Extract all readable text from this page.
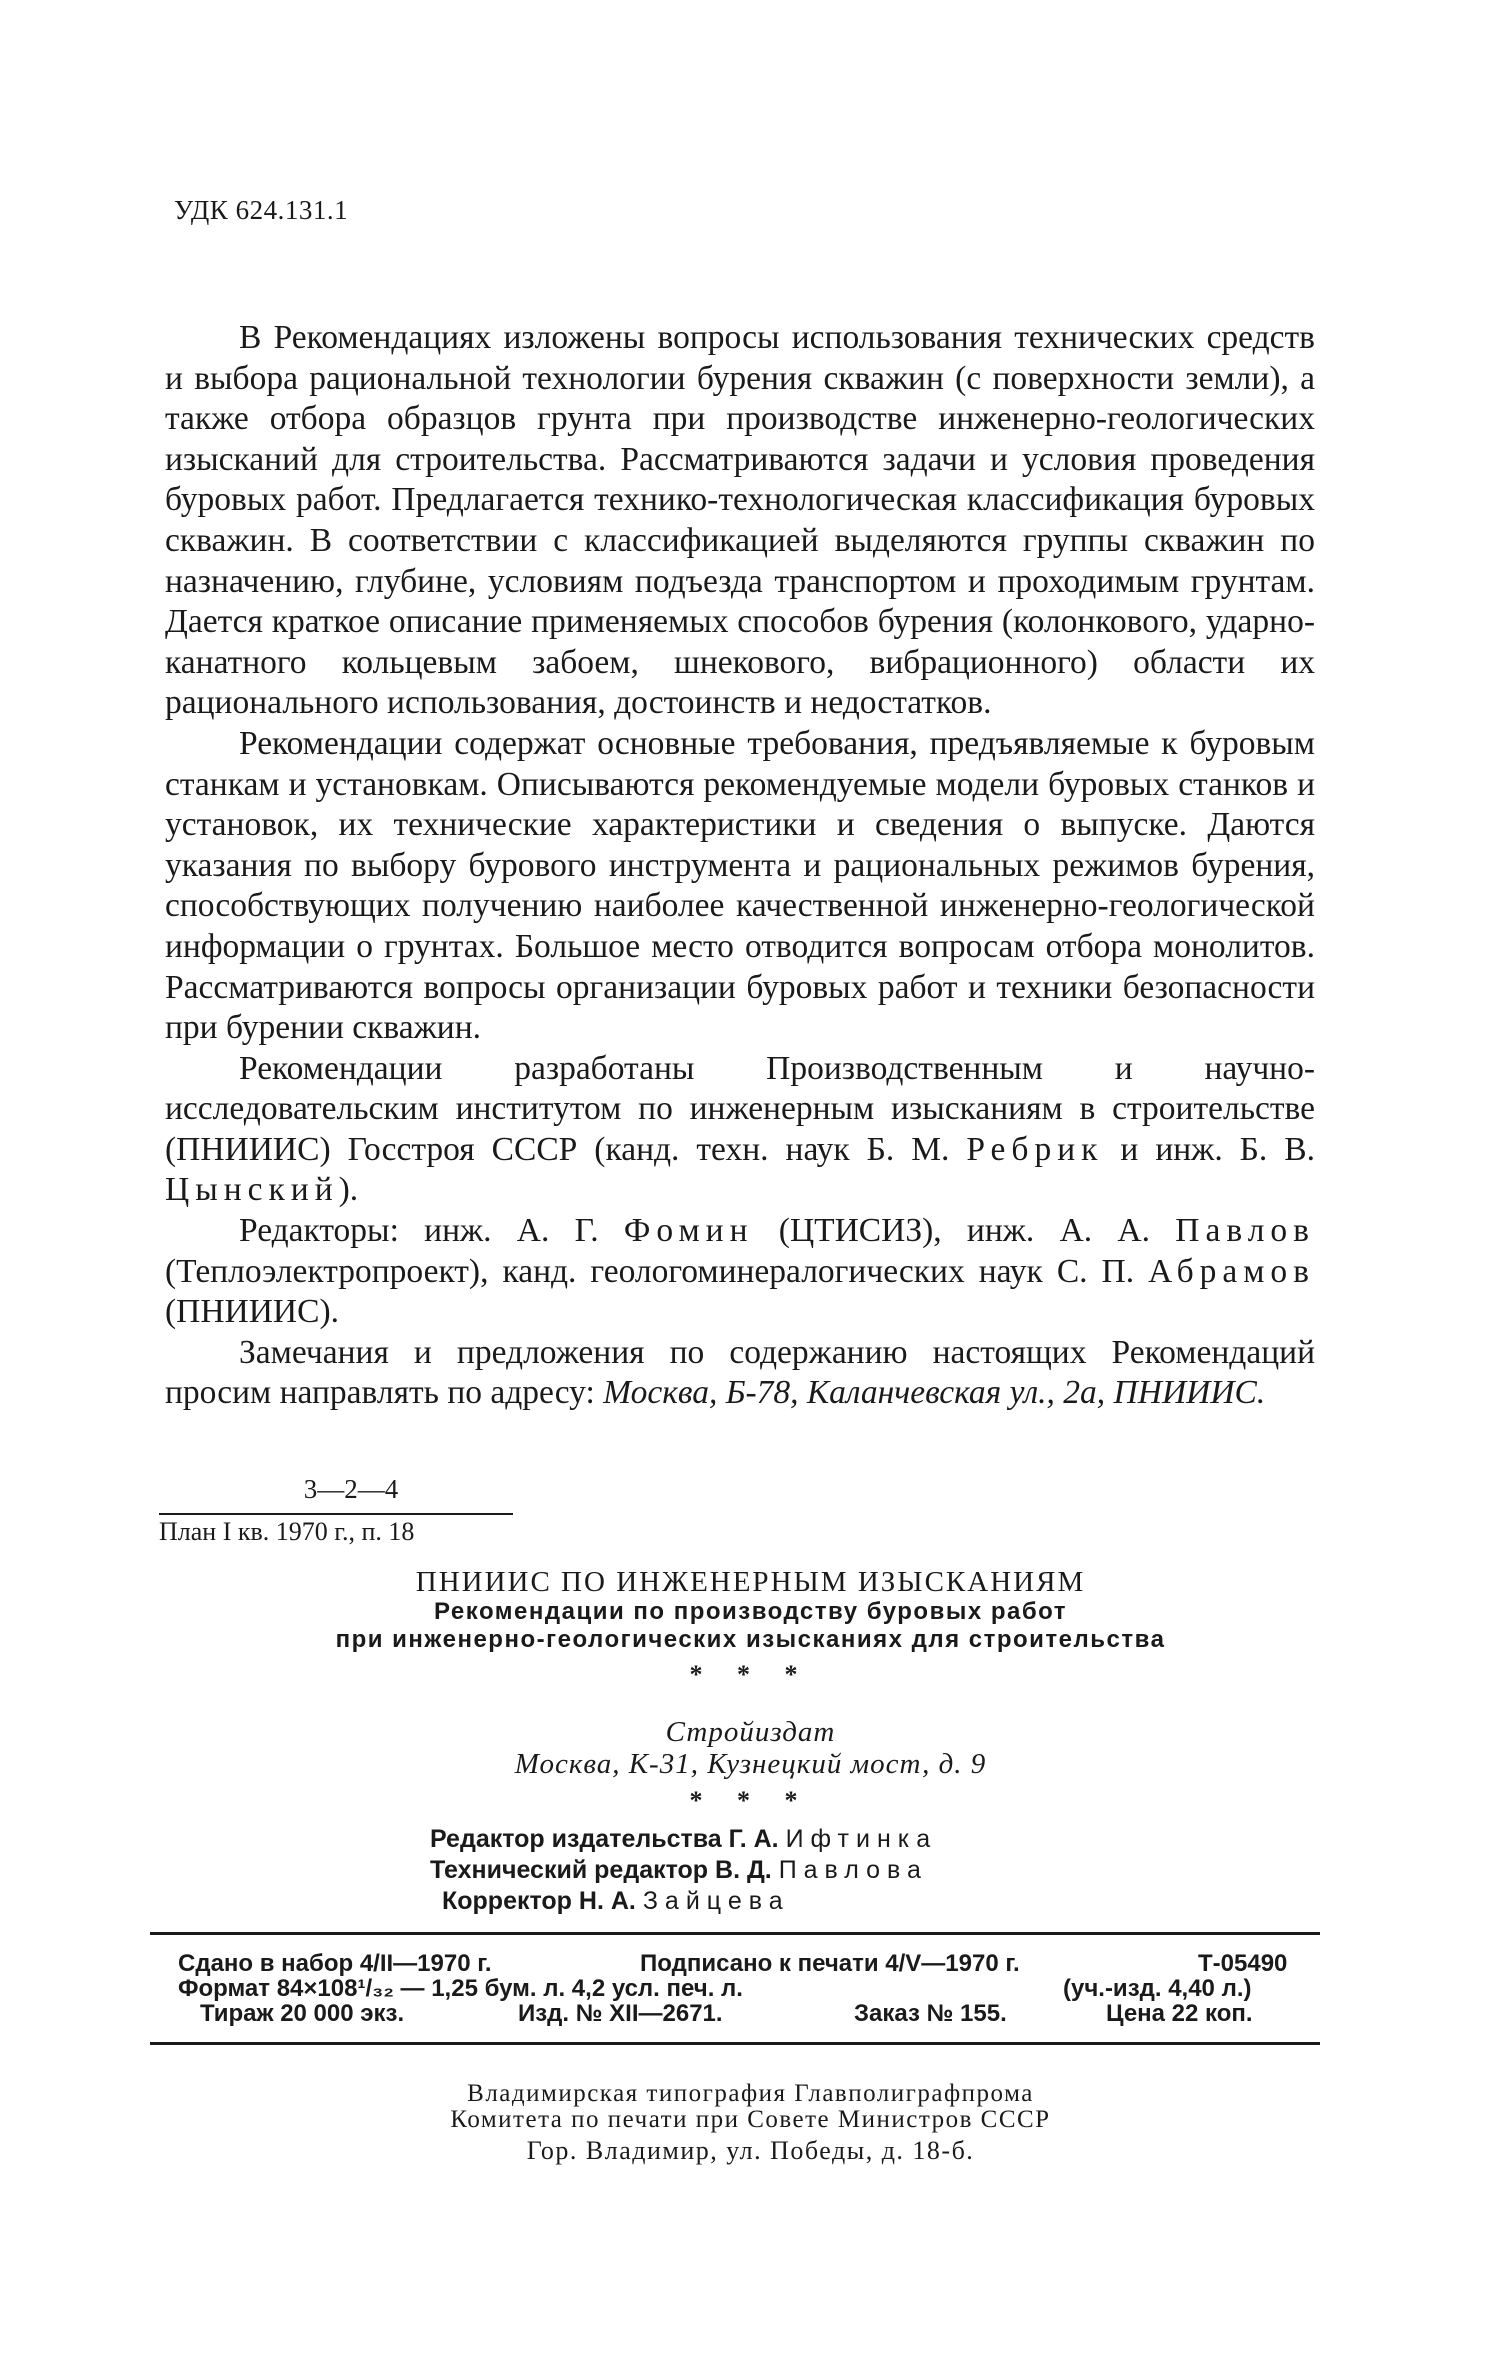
УДК 624.131.1

В Рекомендациях изложены вопросы использования технических средств и выбора рациональной технологии бурения скважин (с поверхности земли), а также отбора образцов грунта при производстве инженерно-геологических изысканий для строительства. Рассматриваются задачи и условия проведения буровых работ. Предлагается технико-технологическая классификация буровых скважин. В соответствии с классификацией выделяются группы скважин по назначению, глубине, условиям подъезда транспортом и проходимым грунтам. Дается краткое описание применяемых способов бурения (колонкового, ударно-канатного кольцевым забоем, шнекового, вибрационного) области их рационального использования, достоинств и недостатков.

Рекомендации содержат основные требования, предъявляемые к буровым станкам и установкам. Описываются рекомендуемые модели буровых станков и установок, их технические характеристики и сведения о выпуске. Даются указания по выбору бурового инструмента и рациональных режимов бурения, способствующих получению наиболее качественной инженерно-геологической информации о грунтах. Большое место отводится вопросам отбора монолитов. Рассматриваются вопросы организации буровых работ и техники безопасности при бурении скважин.

Рекомендации разработаны Производственным и научно-исследовательским институтом по инженерным изысканиям в строительстве (ПНИИИС) Госстроя СССР (канд. техн. наук Б. М. Ребрик и инж. Б. В. Цынский).

Редакторы: инж. А. Г. Фомин (ЦТИСИЗ), инж. А. А. Павлов (Теплоэлектропроект), канд. геологоминералогических наук С. П. Абрамов (ПНИИИС).

Замечания и предложения по содержанию настоящих Рекомендаций просим направлять по адресу: Москва, Б-78, Каланчевская ул., 2а, ПНИИИС.

3—2—4
План I кв. 1970 г., п. 18
ПНИИИС ПО ИНЖЕНЕРНЫМ ИЗЫСКАНИЯМ
Рекомендации по производству буровых работ
при инженерно-геологических изысканиях для строительства
* * *
Стройиздат
Москва, К-31, Кузнецкий мост, д. 9
* * *
Редактор издательства Г. А. Ифтинка
Технический редактор В. Д. Павлова
Корректор Н. А. Зайцева
Сдано в набор 4/II—1970 г.	Подписано к печати 4/V—1970 г.	Т-05490
Формат 84×108¹/₃₂ — 1,25 бум. л. 4,2 усл. печ. л.	(уч.-изд. 4,40 л.)
Тираж 20 000 экз.	Изд. № XII—2671.	Заказ № 155.	Цена 22 коп.
Владимирская типография Главполиграфпрома
Комитета по печати при Совете Министров СССР
Гор. Владимир, ул. Победы, д. 18-б.
